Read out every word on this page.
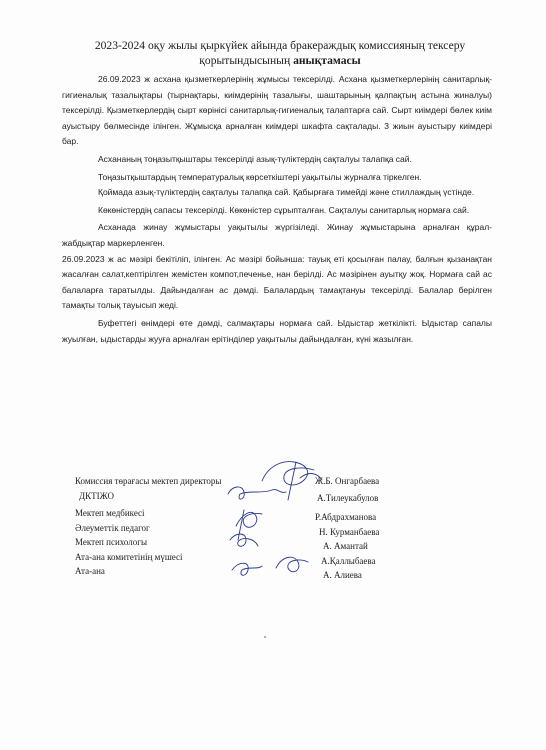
2023-2024 оқу жылы қыркүйек айында бракераждық комиссияның тексеру
қорытындысының анықтамасы

26.09.2023 ж асхана қызметкерлерінің жұмысы тексерілді. Асхана қызметкерлерінің санитарлық-гигиеналық тазалықтары (тырнақтары, киімдерінің тазалығы, шаштарының қалпақтың астына жиналуы) тексерілді. Қызметкерлердің сырт көрінісі санитарлық-гигиеналық талаптарға сай. Сырт киімдері бөлек киім ауыстыру бөлмесінде ілінген. Жұмысқа арналған киімдері шкафта сақталады. 3 жиын ауыстыру киімдері бар.

Асхананың тоңазытқыштары тексерілді азық-түліктердің сақталуы талапқа сай.

Тоңазытқыштардың температуралық көрсеткіштері уақытылы журналға тіркелген.

Қоймада азық-түліктердің сақталуы талапқа сай. Қабырғаға тимейді және стиллаждың үстінде.

Көкөністердің сапасы тексерілді. Көкөністер сұрыпталған. Сақталуы санитарлық нормаға сай.

Асханада жинау жұмыстары уақытылы жүргізіледі. Жинау жұмыстарына арналған құрал-жабдықтар маркерленген.

26.09.2023 ж ас мәзірі бекітіліп, ілінген. Ас мәзірі бойынша: тауық еті қосылған палау, балғын қызанақтан жасалған салат,кептірілген жемістен компот,печенье, нан берілді. Ас мәзірінен ауытқу жоқ. Нормаға сай ас балаларға таратылды. Дайындалған ас дәмді. Балалардың тамақтануы тексерілді. Балалар берілген тамақты толық тауысып жеді.

Буфеттегі өнімдері өте дәмді, салмақтары нормаға сай. Ыдыстар жеткілікті. Ыдыстар сапалы жуылған, ыдыстарды жууға арналған ерітінділер уақытылы дайындалған, күні жазылған.

Комиссия төрағасы мектеп директоры
ДКТІЖО
Мектеп медбикесі
Әлеуметтік педагог
Мектеп психологы
Ата-ана комитетінің мүшесі
Ата-ана
Ж.Б. Онгарбаева
А.Тилеукабулов
Р.Абдрахманова
Н. Курманбаева
А. Амантай
А.Қаллыбаева
А. Алиева
